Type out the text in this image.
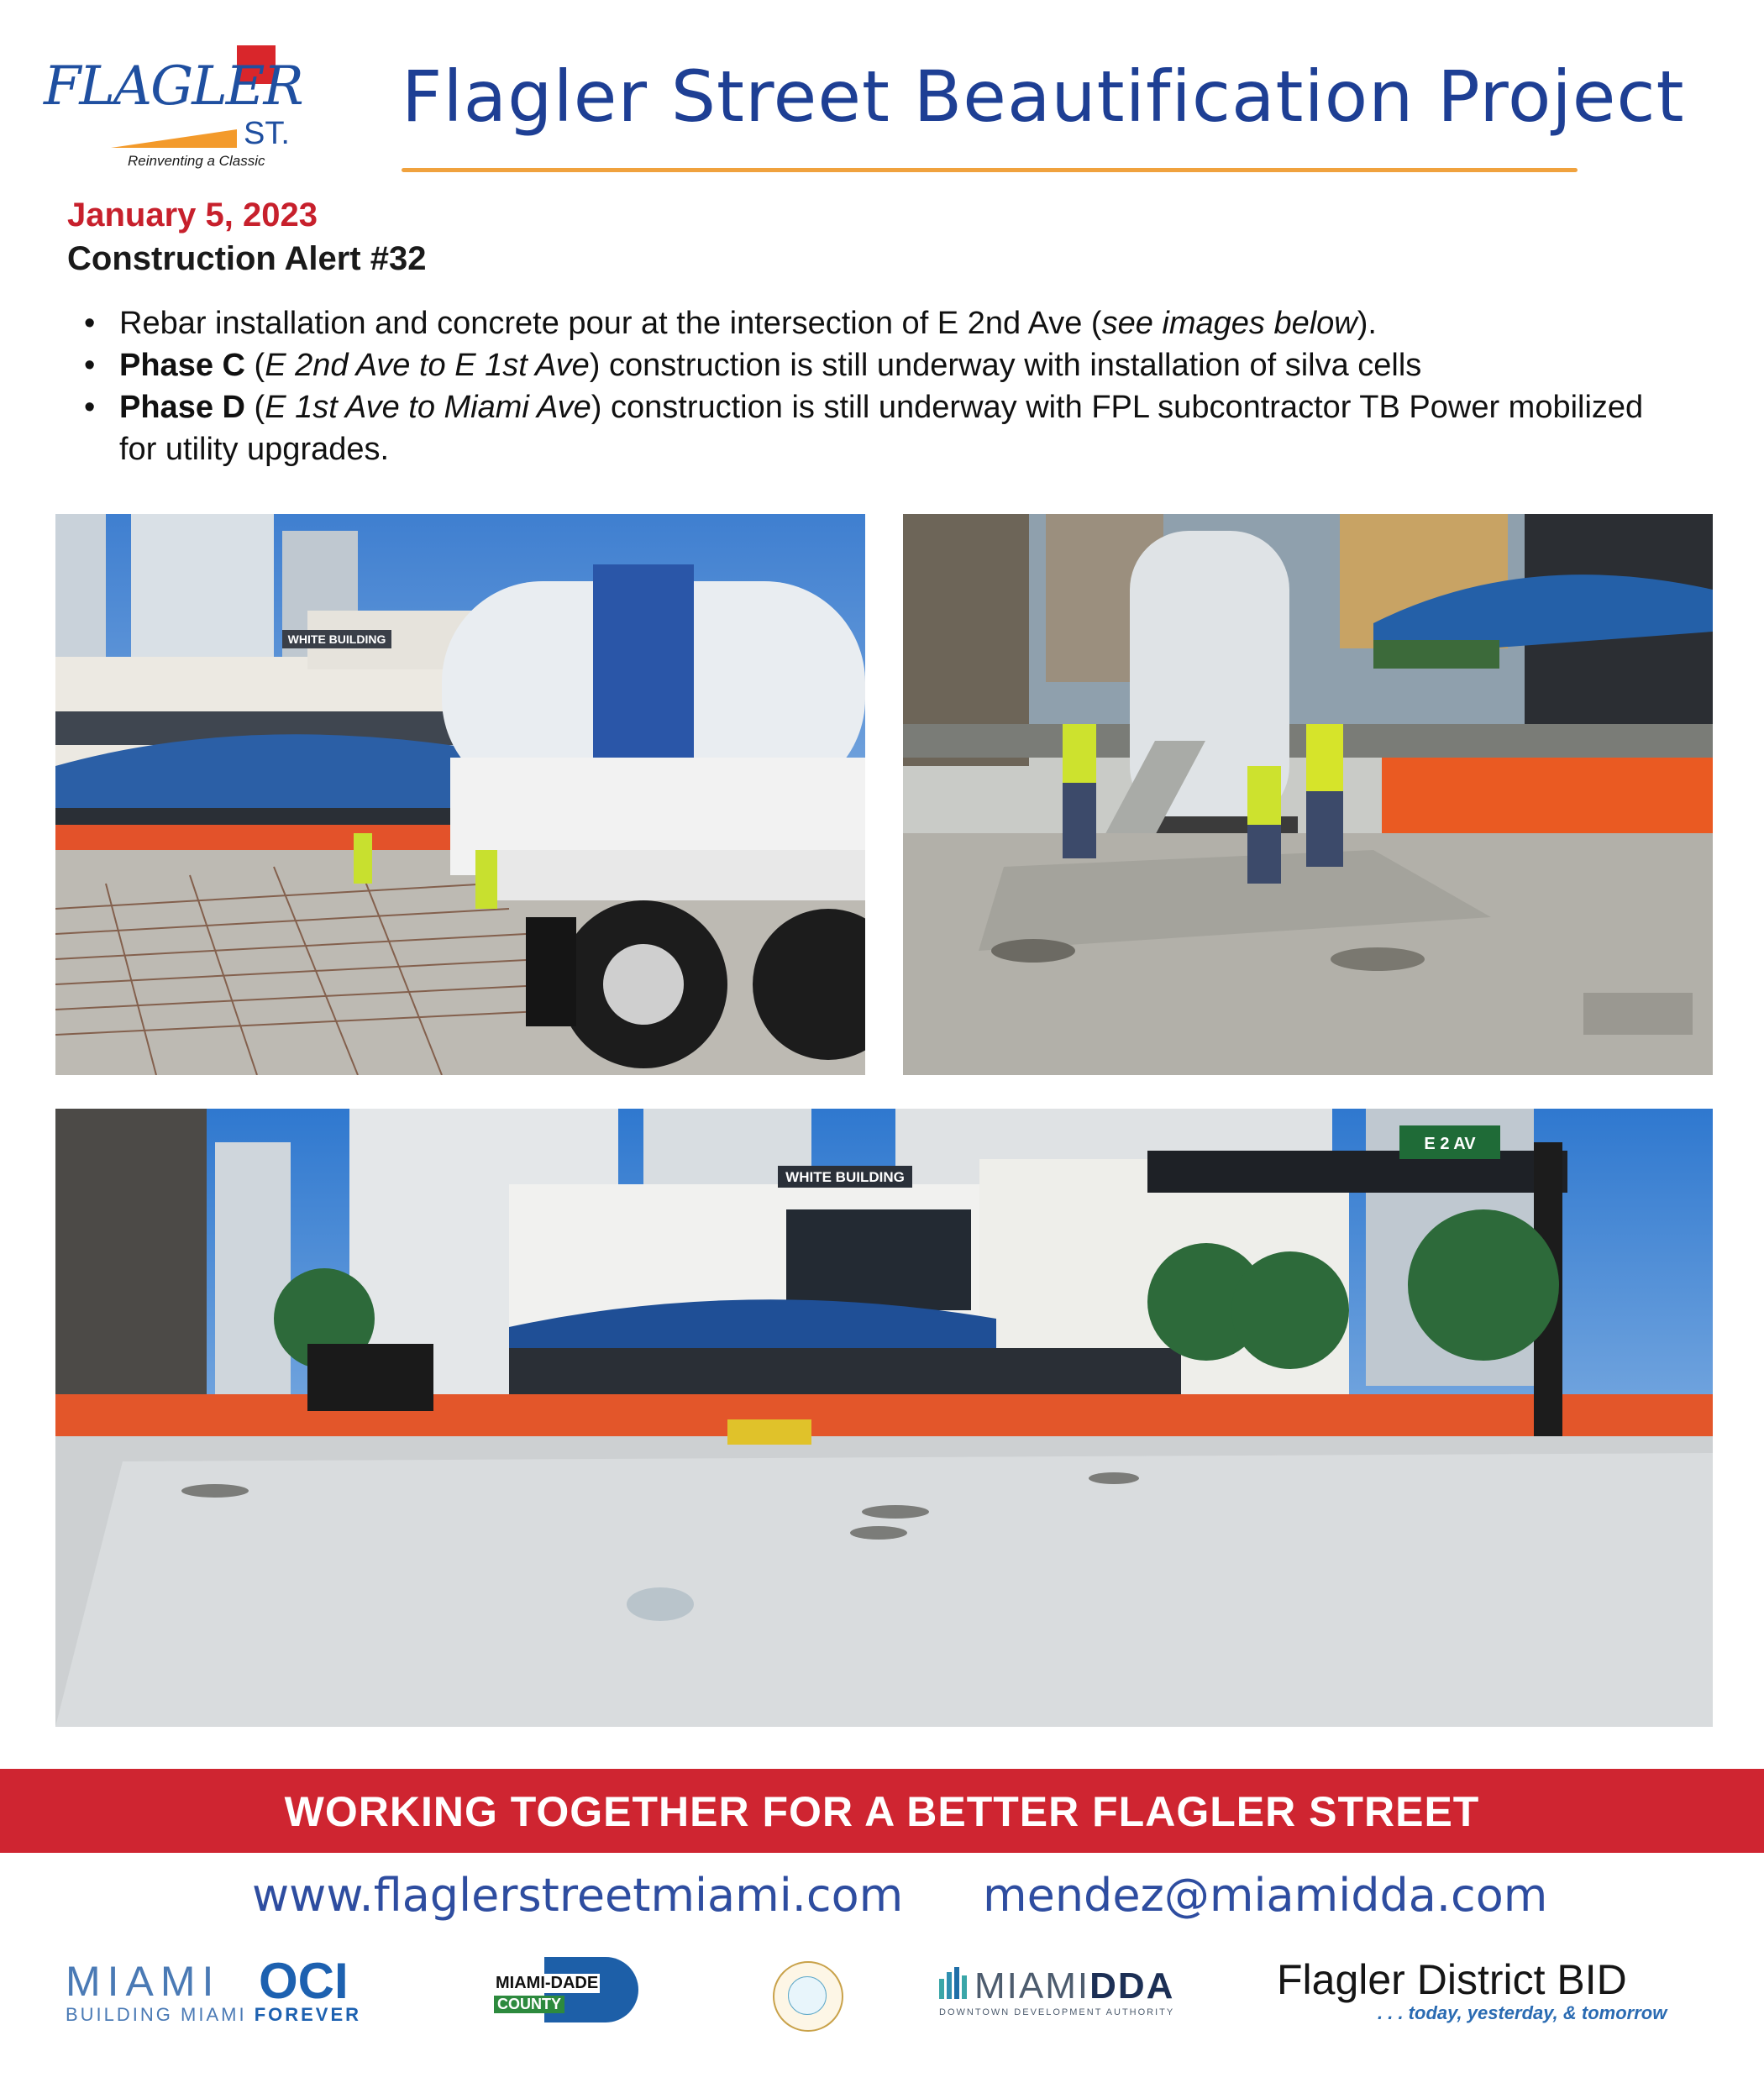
FLAGLER
ST.
Reinventing a Classic
Flagler Street Beautification Project
January 5, 2023
Construction Alert #32
• Rebar installation and concrete pour at the intersection of E 2nd Ave (see images below).
• Phase C (E 2nd Ave to E 1st Ave) construction is still underway with installation of silva cells
• Phase D (E 1st Ave to Miami Ave) construction is still underway with FPL subcontractor TB Power mobilized for utility upgrades.
WHITE BUILDING
E 2 AV
WHITE BUILDING
WORKING TOGETHER FOR A BETTER FLAGLER STREET
www.flaglerstreetmiami.com mendez@miamidda.com
MIAMI OCI
BUILDING MIAMI FOREVER
MIAMI-DADE
COUNTY	MIAMIDDA
DOWNTOWN DEVELOPMENT AUTHORITY
Flagler District BID
. . . today, yesterday, & tomorrow
